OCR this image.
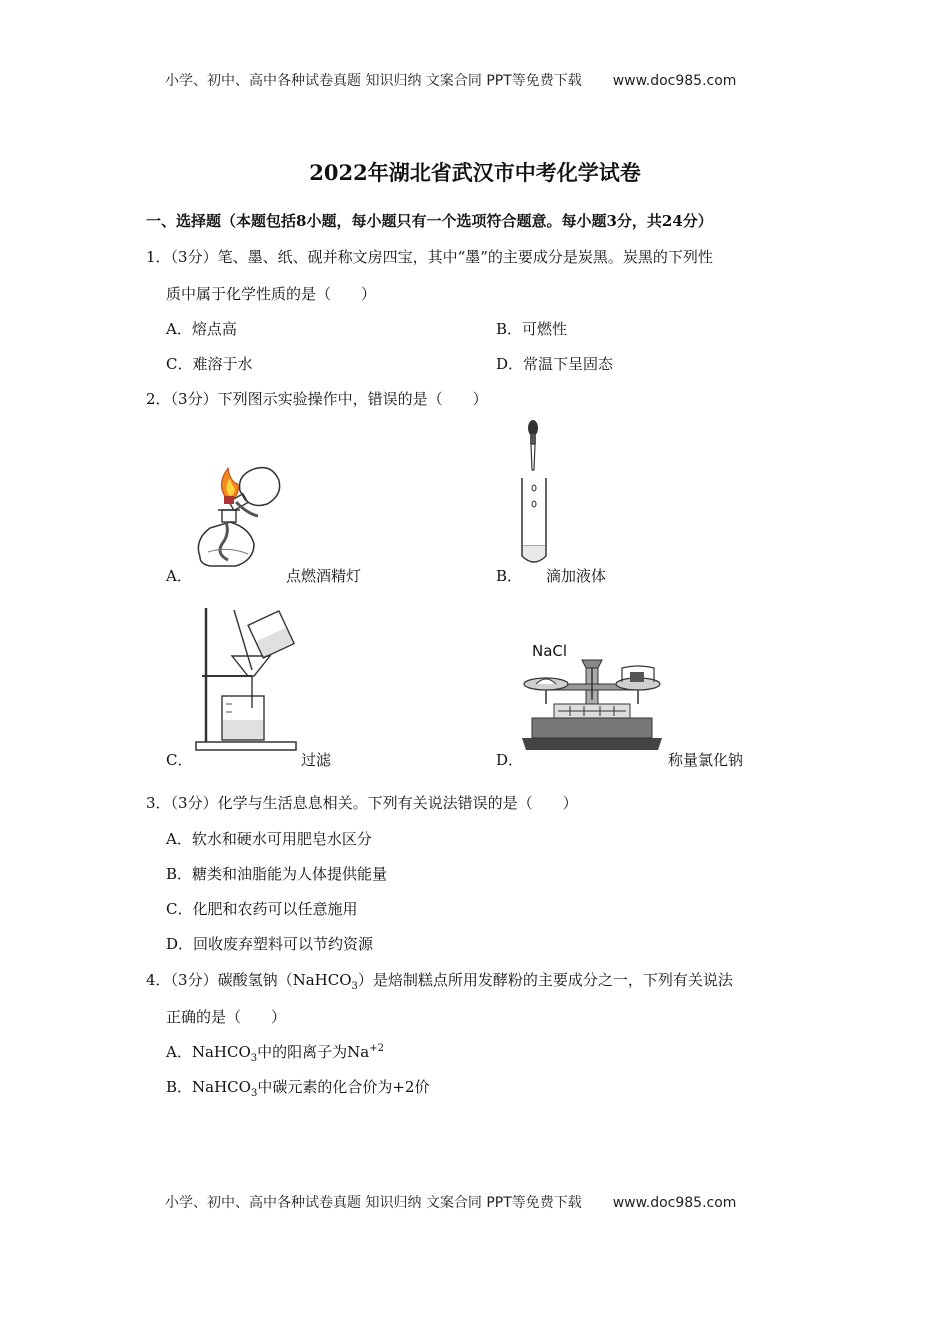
小学、初中、高中各种试卷真题 知识归纳 文案合同 PPT等免费下载 www.doc985.com
2022年湖北省武汉市中考化学试卷
一、选择题（本题包括8小题，每小题只有一个选项符合题意。每小题3分，共24分）
1．（3分）笔、墨、纸、砚并称文房四宝，其中“墨”的主要成分是炭黑。炭黑的下列性
质中属于化学性质的是（　　）
A．熔点高	B．可燃性
C．难溶于水	D．常温下呈固态
2．（3分）下列图示实验操作中，错误的是（　　）
A．	点燃酒精灯	B． 滴加液体
C．	过滤
NaCl
D．	称量氯化钠
3．（3分）化学与生活息息相关。下列有关说法错误的是（　　）
A．软水和硬水可用肥皂水区分
B．糖类和油脂能为人体提供能量
C．化肥和农药可以任意施用
D．回收废弃塑料可以节约资源
4．（3分）碳酸氢钠（NaHCO$_3$）是焙制糕点所用发酵粉的主要成分之一，下列有关说法
正确的是（　　）
A．NaHCO$_3$中的阳离子为$Na^{+2}$
B．NaHCO$_3$中碳元素的化合价为+2价
小学、初中、高中各种试卷真题 知识归纳 文案合同 PPT等免费下载 www.doc985.com
